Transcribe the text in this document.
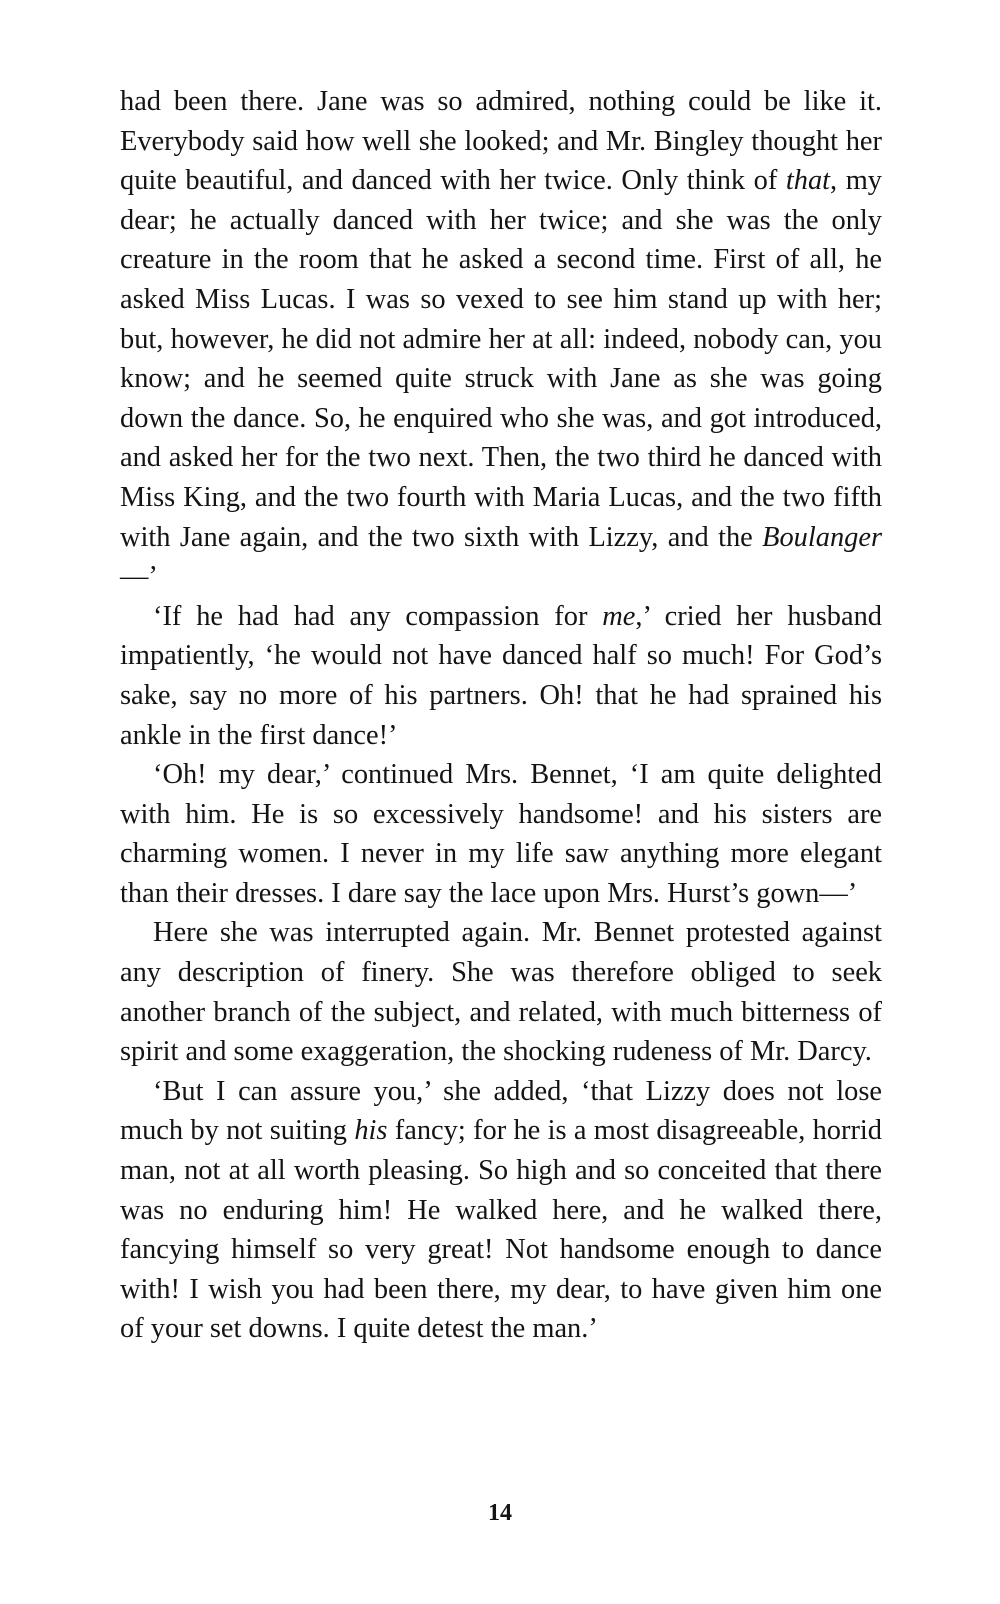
had been there. Jane was so admired, nothing could be like it. Everybody said how well she looked; and Mr. Bingley thought her quite beautiful, and danced with her twice. Only think of that, my dear; he actually danced with her twice; and she was the only creature in the room that he asked a second time. First of all, he asked Miss Lucas. I was so vexed to see him stand up with her; but, however, he did not admire her at all: indeed, nobody can, you know; and he seemed quite struck with Jane as she was going down the dance. So, he enquired who she was, and got introduced, and asked her for the two next. Then, the two third he danced with Miss King, and the two fourth with Maria Lucas, and the two fifth with Jane again, and the two sixth with Lizzy, and the Boulanger—’

‘If he had had any compassion for me,’ cried her husband impatiently, ‘he would not have danced half so much! For God’s sake, say no more of his partners. Oh! that he had sprained his ankle in the first dance!’

‘Oh! my dear,’ continued Mrs. Bennet, ‘I am quite delighted with him. He is so excessively handsome! and his sisters are charming women. I never in my life saw anything more elegant than their dresses. I dare say the lace upon Mrs. Hurst’s gown—’

Here she was interrupted again. Mr. Bennet protested against any description of finery. She was therefore obliged to seek another branch of the subject, and related, with much bitterness of spirit and some exaggeration, the shocking rudeness of Mr. Darcy.

‘But I can assure you,’ she added, ‘that Lizzy does not lose much by not suiting his fancy; for he is a most disagreeable, horrid man, not at all worth pleasing. So high and so conceited that there was no enduring him! He walked here, and he walked there, fancying himself so very great! Not handsome enough to dance with! I wish you had been there, my dear, to have given him one of your set downs. I quite detest the man.’

14
